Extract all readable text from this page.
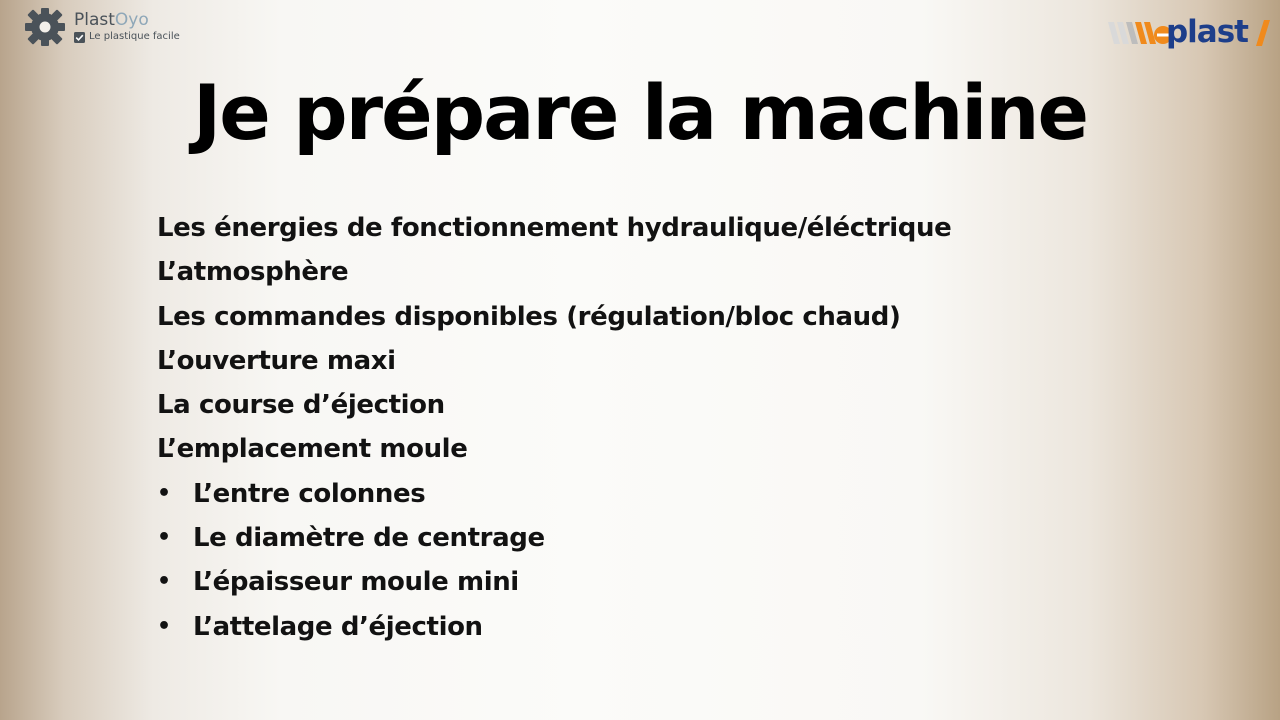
PlastOyo
Le plastique facile	plast
Je prépare la machine
Les énergies de fonctionnement hydraulique/éléctrique
L’atmosphère
Les commandes disponibles (régulation/bloc chaud)
L’ouverture maxi
La course d’éjection
L’emplacement moule
• L’entre colonnes
• Le diamètre de centrage
• L’épaisseur moule mini
• L’attelage d’éjection
